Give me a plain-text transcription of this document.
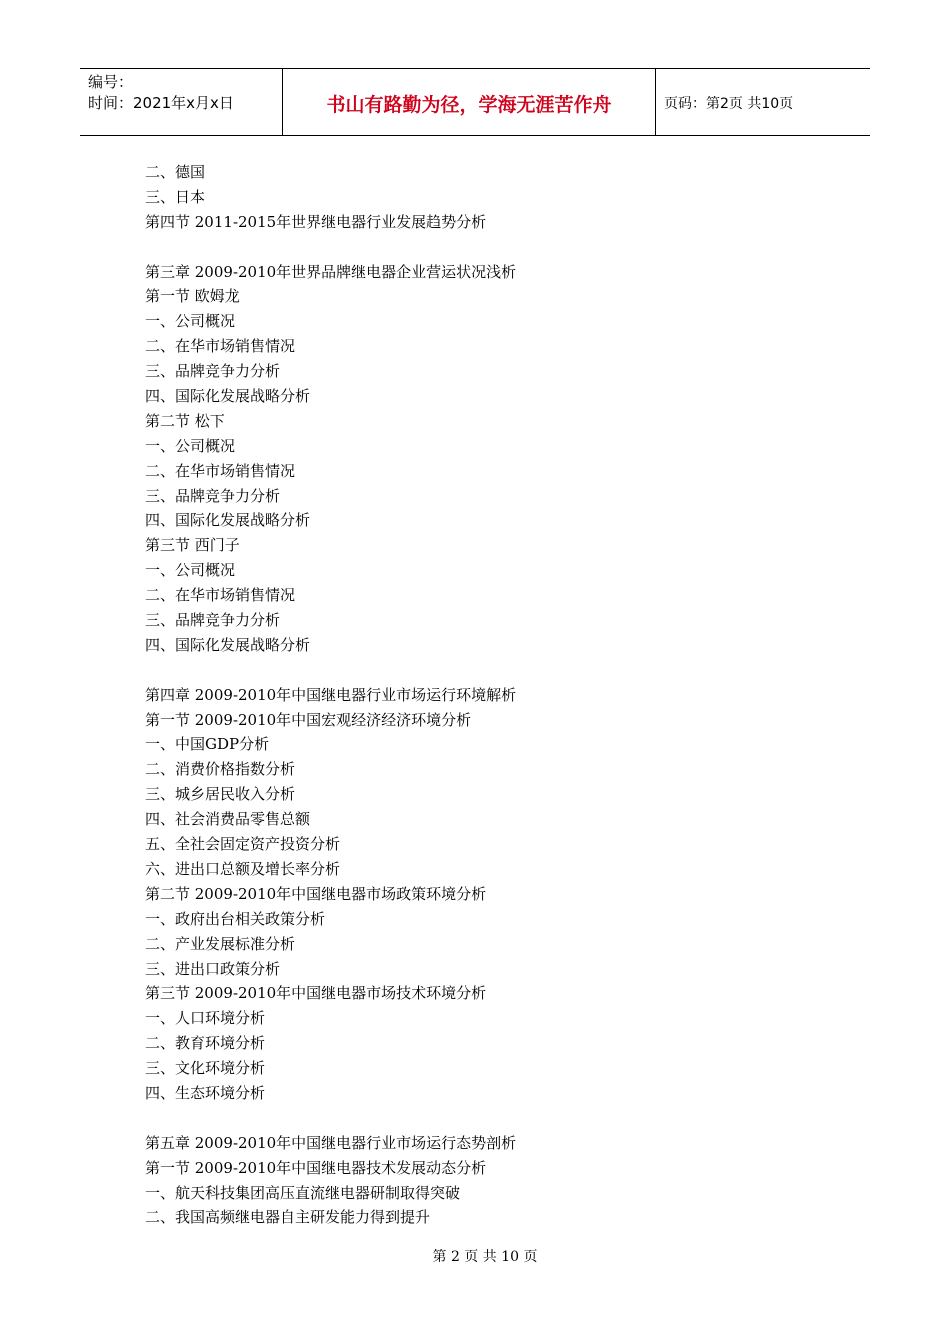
编号：
时间：2021年x月x日	书山有路勤为径，学海无涯苦作舟	页码：第2页 共10页
二、德国
三、日本
第四节 2011-2015年世界继电器行业发展趋势分析
第三章 2009-2010年世界品牌继电器企业营运状况浅析
第一节 欧姆龙
一、公司概况
二、在华市场销售情况
三、品牌竞争力分析
四、国际化发展战略分析
第二节 松下
一、公司概况
二、在华市场销售情况
三、品牌竞争力分析
四、国际化发展战略分析
第三节 西门子
一、公司概况
二、在华市场销售情况
三、品牌竞争力分析
四、国际化发展战略分析
第四章 2009-2010年中国继电器行业市场运行环境解析
第一节 2009-2010年中国宏观经济经济环境分析
一、中国GDP分析
二、消费价格指数分析
三、城乡居民收入分析
四、社会消费品零售总额
五、全社会固定资产投资分析
六、进出口总额及增长率分析
第二节 2009-2010年中国继电器市场政策环境分析
一、政府出台相关政策分析
二、产业发展标准分析
三、进出口政策分析
第三节 2009-2010年中国继电器市场技术环境分析
一、人口环境分析
二、教育环境分析
三、文化环境分析
四、生态环境分析
第五章 2009-2010年中国继电器行业市场运行态势剖析
第一节 2009-2010年中国继电器技术发展动态分析
一、航天科技集团高压直流继电器研制取得突破
二、我国高频继电器自主研发能力得到提升
第 2 页 共 10 页
